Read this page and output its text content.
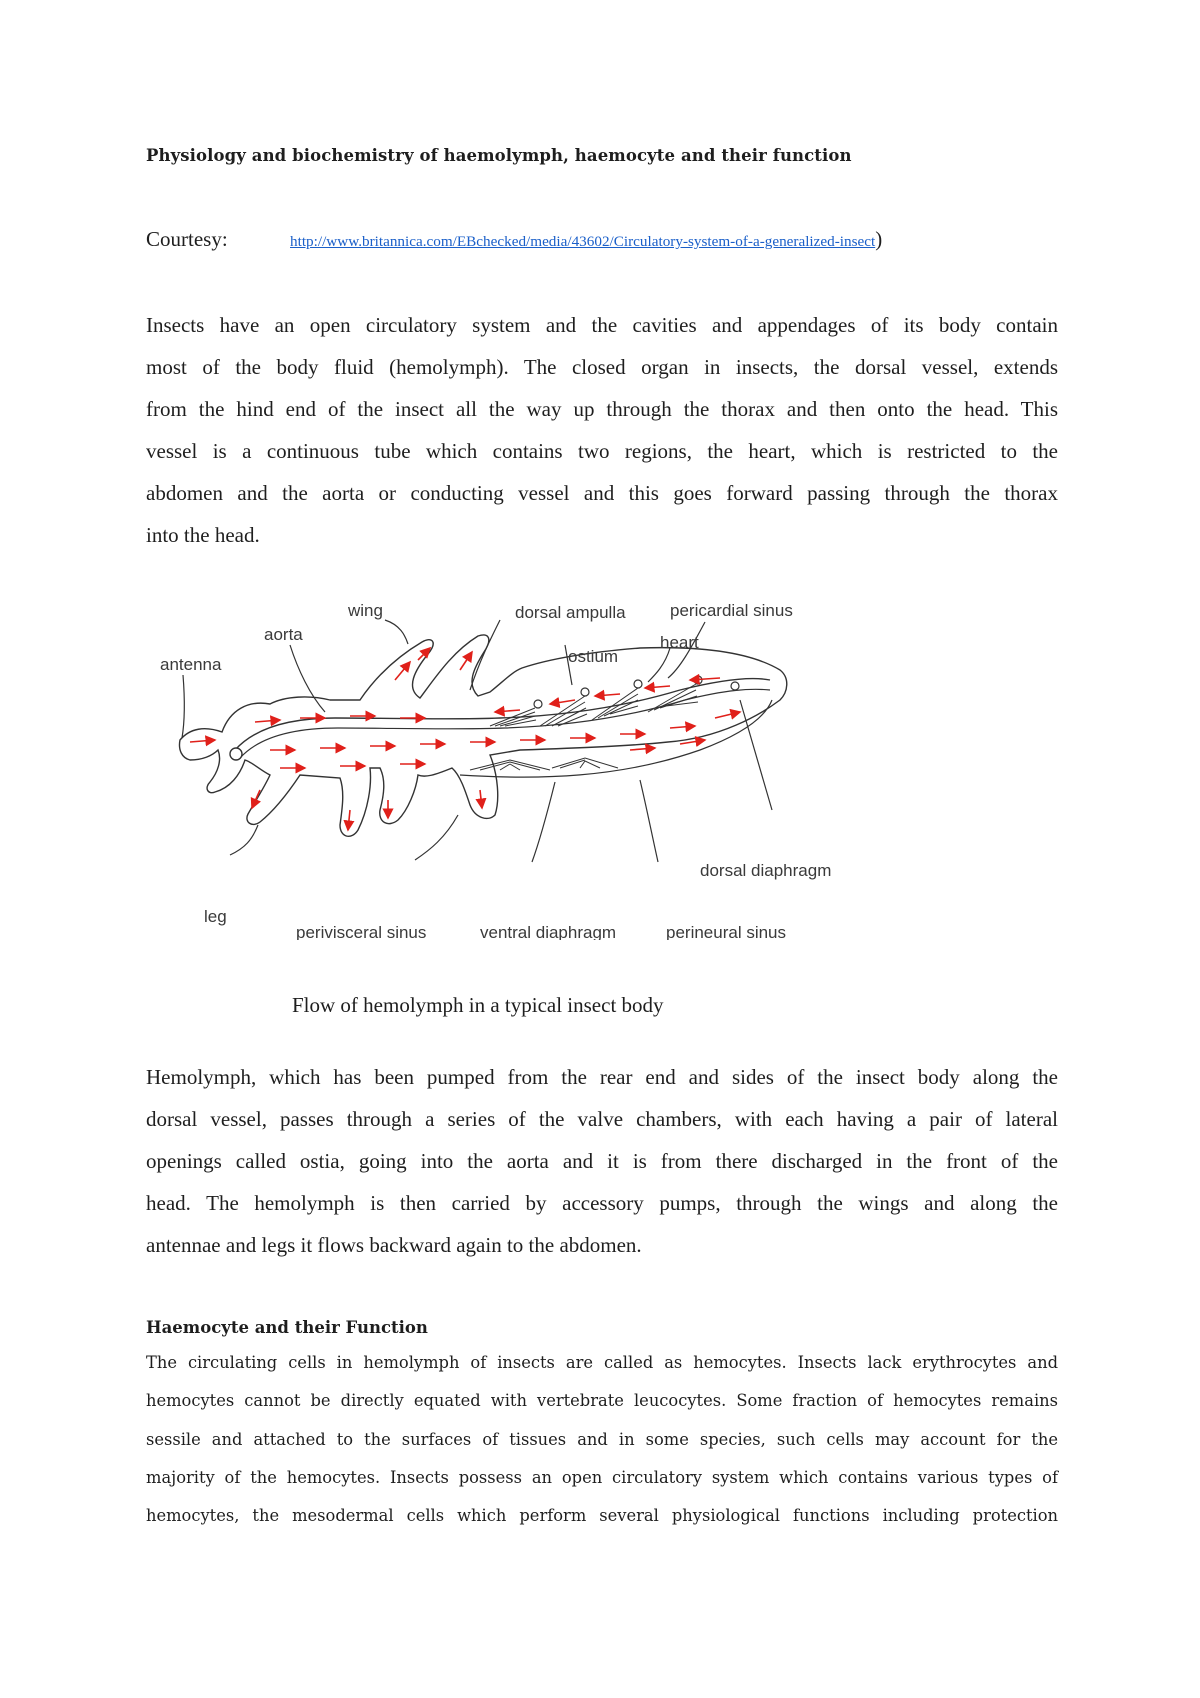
Physiology and biochemistry of haemolymph, haemocyte and their function
Courtesy:	http://www.britannica.com/EBchecked/media/43602/Circulatory-system-of-a-generalized-insect)

Insects have an open circulatory system and the cavities and appendages of its body contain
most of the body fluid (hemolymph). The closed organ in insects, the dorsal vessel, extends
from the hind end of the insect all the way up through the thorax and then onto the head. This
vessel is a continuous tube which contains two regions, the heart, which is restricted to the
abdomen and the aorta or conducting vessel and this goes forward passing through the thorax
into the head.

wing	dorsal ampulla	pericardial sinus
aorta
ostium
heart
antenna
dorsal diaphragm
leg
perivisceral sinus	ventral diaphragm	perineural sinus
Flow of hemolymph in a typical insect body

Hemolymph, which has been pumped from the rear end and sides of the insect body along the
dorsal vessel, passes through a series of the valve chambers, with each having a pair of lateral
openings called ostia, going into the aorta and it is from there discharged in the front of the
head. The hemolymph is then carried by accessory pumps, through the wings and along the
antennae and legs it flows backward again to the abdomen.

Haemocyte and their Function

The circulating cells in hemolymph of insects are called as hemocytes. Insects lack erythrocytes and
hemocytes cannot be directly equated with vertebrate leucocytes. Some fraction of hemocytes remains
sessile and attached to the surfaces of tissues and in some species, such cells may account for the
majority of the hemocytes. Insects possess an open circulatory system which contains various types of
hemocytes, the mesodermal cells which perform several physiological functions including protection
